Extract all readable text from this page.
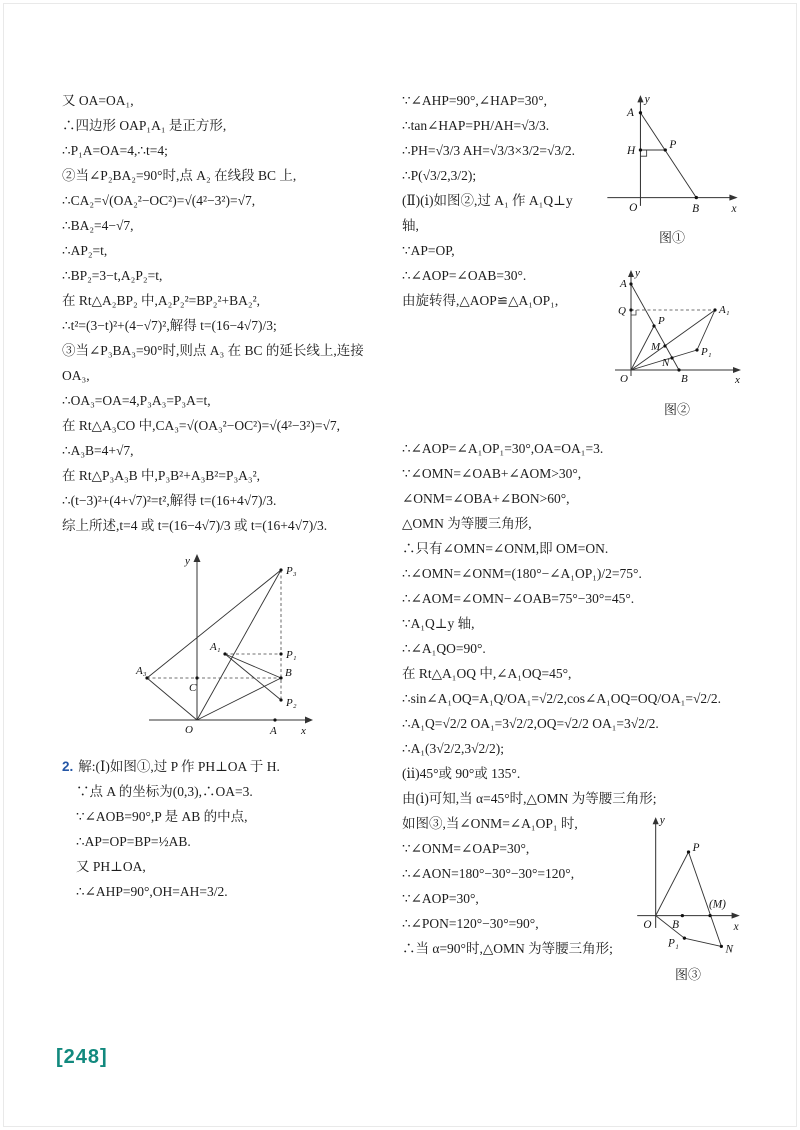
又 OA=OA₁,
∴四边形 OAP₁A₁ 是正方形,
∴P₁A=OA=4,∴t=4;
②当∠P₂BA₂=90°时,点 A₂ 在线段 BC 上,
∴CA₂=√(OA₂²−OC²)=√(4²−3²)=√7,
∴BA₂=4−√7,
∴AP₂=t,
∴BP₂=3−t,A₂P₂=t,
在 Rt△A₂BP₂ 中,A₂P₂²=BP₂²+BA₂²,
∴t²=(3−t)²+(4−√7)²,解得 t=(16−4√7)/3;
③当∠P₃BA₃=90°时,则点 A₃ 在 BC 的延长线上,连接 OA₃,
∴OA₃=OA=4,P₃A₃=P₃A=t,
在 Rt△A₃CO 中,CA₃=√(OA₃²−OC²)=√(4²−3²)=√7,
∴A₃B=4+√7,
在 Rt△P₃A₃B 中,P₃B²+A₃B²=P₃A₃²,
∴(t−3)²+(4+√7)²=t²,解得 t=(16+4√7)/3.
综上所述,t=4 或 t=(16−4√7)/3 或 t=(16+4√7)/3.
y
x
O	A
P₃
A₁
P₁
A₃
C
B
P₂
2. 解:(Ⅰ)如图①,过 P 作 PH⊥OA 于 H.
∵点 A 的坐标为(0,3),∴OA=3.
∵∠AOB=90°,P 是 AB 的中点,
∴AP=OP=BP=½AB.
又 PH⊥OA,
∴∠AHP=90°,OH=AH=3/2.
y
x
O
A
H
P
B
图①
∵∠AHP=90°,∠HAP=30°,
∴tan∠HAP=PH/AH=√3/3.
∴PH=√3/3 AH=√3/3×3/2=√3/2.
∴P(√3/2,3/2);
y
x
O
A
Q	A₁
P
M	P₁
N
B
图②
(Ⅱ)(ⅰ)如图②,过 A₁ 作 A₁Q⊥y 轴,
∵AP=OP,
∴∠AOP=∠OAB=30°.
由旋转得,△AOP≌△A₁OP₁,
∴∠AOP=∠A₁OP₁=30°,OA=OA₁=3.
∵∠OMN=∠OAB+∠AOM>30°,
∠ONM=∠OBA+∠BON>60°,
△OMN 为等腰三角形,
∴只有∠OMN=∠ONM,即 OM=ON.
∴∠OMN=∠ONM=(180°−∠A₁OP₁)/2=75°.
∴∠AOM=∠OMN−∠OAB=75°−30°=45°.
∵A₁Q⊥y 轴,
∴∠A₁QO=90°.
在 Rt△A₁OQ 中,∠A₁OQ=45°,
∴sin∠A₁OQ=A₁Q/OA₁=√2/2,cos∠A₁OQ=OQ/OA₁=√2/2.
∴A₁Q=√2/2 OA₁=3√2/2,OQ=√2/2 OA₁=3√2/2.
∴A₁(3√2/2,3√2/2);
(ⅱ)45°或 90°或 135°.
由(ⅰ)可知,当 α=45°时,△OMN 为等腰三角形;
y
x
O
P
(M)
B
P₁
N
图③
如图③,当∠ONM=∠A₁OP₁ 时,
∵∠ONM=∠OAP=30°,
∴∠AON=180°−30°−30°=120°,
∵∠AOP=30°,
∴∠PON=120°−30°=90°,
∴当 α=90°时,△OMN 为等腰三角形;
[248]
